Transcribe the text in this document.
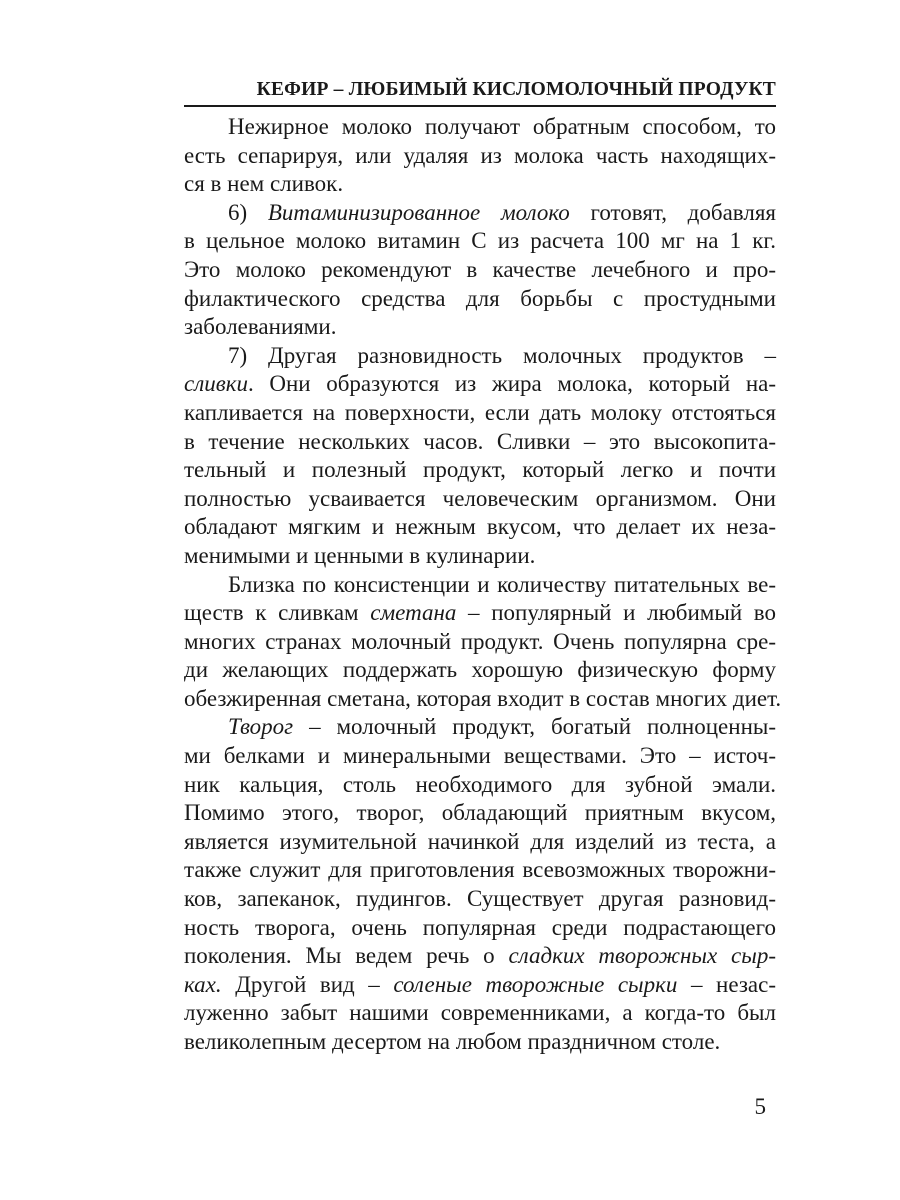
КЕФИР – ЛЮБИМЫЙ КИСЛОМОЛОЧНЫЙ ПРОДУКТ
Нежирное молоко получают обратным способом, то
есть сепарируя, или удаляя из молока часть находящих-
ся в нем сливок.
6) Витаминизированное молоко готовят, добавляя
в цельное молоко витамин С из расчета 100 мг на 1 кг.
Это молоко рекомендуют в качестве лечебного и про-
филактического средства для борьбы с простудными
заболеваниями.
7) Другая разновидность молочных продуктов –
сливки. Они образуются из жира молока, который на-
капливается на поверхности, если дать молоку отстояться
в течение нескольких часов. Сливки – это высокопита-
тельный и полезный продукт, который легко и почти
полностью усваивается человеческим организмом. Они
обладают мягким и нежным вкусом, что делает их неза-
менимыми и ценными в кулинарии.
Близка по консистенции и количеству питательных ве-
ществ к сливкам сметана – популярный и любимый во
многих странах молочный продукт. Очень популярна сре-
ди желающих поддержать хорошую физическую форму
обезжиренная сметана, которая входит в состав многих диет.
Творог – молочный продукт, богатый полноценны-
ми белками и минеральными веществами. Это – источ-
ник кальция, столь необходимого для зубной эмали.
Помимо этого, творог, обладающий приятным вкусом,
является изумительной начинкой для изделий из теста, а
также служит для приготовления всевозможных творожни-
ков, запеканок, пудингов. Существует другая разновид-
ность творога, очень популярная среди подрастающего
поколения. Мы ведем речь о сладких творожных сыр-
ках. Другой вид – соленые творожные сырки – незас-
луженно забыт нашими современниками, а когда-то был
великолепным десертом на любом праздничном столе.
5
